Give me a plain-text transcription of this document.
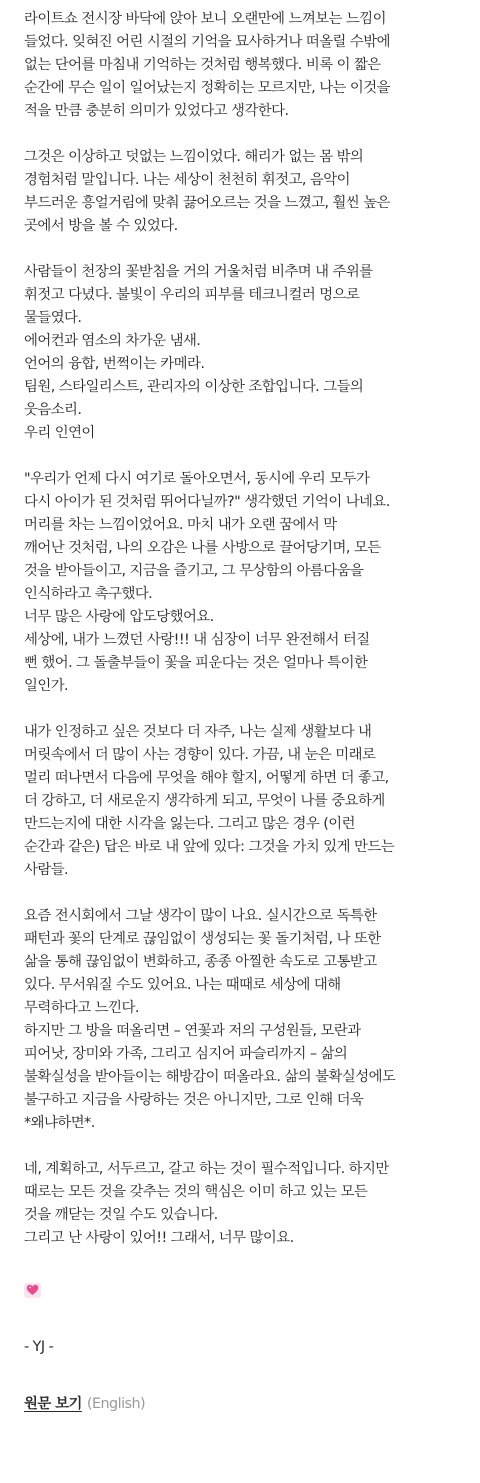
라이트쇼 전시장 바닥에 앉아 보니 오랜만에 느껴보는 느낌이
들었다. 잊혀진 어린 시절의 기억을 묘사하거나 떠올릴 수밖에
없는 단어를 마침내 기억하는 것처럼 행복했다. 비록 이 짧은
순간에 무슨 일이 일어났는지 정확히는 모르지만, 나는 이것을
적을 만큼 충분히 의미가 있었다고 생각한다.
그것은 이상하고 덧없는 느낌이었다. 해리가 없는 몸 밖의
경험처럼 말입니다. 나는 세상이 천천히 휘젓고, 음악이
부드러운 흥얼거림에 맞춰 끓어오르는 것을 느꼈고, 훨씬 높은
곳에서 방을 볼 수 있었다.
사람들이 천장의 꽃받침을 거의 거울처럼 비추며 내 주위를
휘젓고 다녔다. 불빛이 우리의 피부를 테크니컬러 멍으로
물들였다.
에어컨과 염소의 차가운 냄새.
언어의 융합, 번쩍이는 카메라.
팀원, 스타일리스트, 관리자의 이상한 조합입니다. 그들의
웃음소리.
우리 인연이
"우리가 언제 다시 여기로 돌아오면서, 동시에 우리 모두가
다시 아이가 된 것처럼 뛰어다닐까?" 생각했던 기억이 나네요.
머리를 차는 느낌이었어요. 마치 내가 오랜 꿈에서 막
깨어난 것처럼, 나의 오감은 나를 사방으로 끌어당기며, 모든
것을 받아들이고, 지금을 즐기고, 그 무상함의 아름다움을
인식하라고 촉구했다.
너무 많은 사랑에 압도당했어요.
세상에, 내가 느꼈던 사랑!!! 내 심장이 너무 완전해서 터질
뻔 했어. 그 돌출부들이 꽃을 피운다는 것은 얼마나 특이한
일인가.
내가 인정하고 싶은 것보다 더 자주, 나는 실제 생활보다 내
머릿속에서 더 많이 사는 경향이 있다. 가끔, 내 눈은 미래로
멀리 떠나면서 다음에 무엇을 해야 할지, 어떻게 하면 더 좋고,
더 강하고, 더 새로운지 생각하게 되고, 무엇이 나를 중요하게
만드는지에 대한 시각을 잃는다. 그리고 많은 경우 (이런
순간과 같은) 답은 바로 내 앞에 있다: 그것을 가치 있게 만드는
사람들.
요즘 전시회에서 그날 생각이 많이 나요. 실시간으로 독특한
패턴과 꽃의 단계로 끊임없이 생성되는 꽃 돌기처럼, 나 또한
삶을 통해 끊임없이 변화하고, 종종 아찔한 속도로 고통받고
있다. 무서워질 수도 있어요. 나는 때때로 세상에 대해
무력하다고 느낀다.
하지만 그 방을 떠올리면 – 연꽃과 저의 구성원들, 모란과
피어낫, 장미와 가족, 그리고 심지어 파슬리까지 – 삶의
불확실성을 받아들이는 해방감이 떠올라요. 삶의 불확실성에도
불구하고 지금을 사랑하는 것은 아니지만, 그로 인해 더욱
*왜냐하면*.
네, 계획하고, 서두르고, 갈고 하는 것이 필수적입니다. 하지만
때로는 모든 것을 갖추는 것의 핵심은 이미 하고 있는 모든
것을 깨닫는 것일 수도 있습니다.
그리고 난 사랑이 있어!! 그래서, 너무 많이요.
- YJ -
원문 보기 (English)
